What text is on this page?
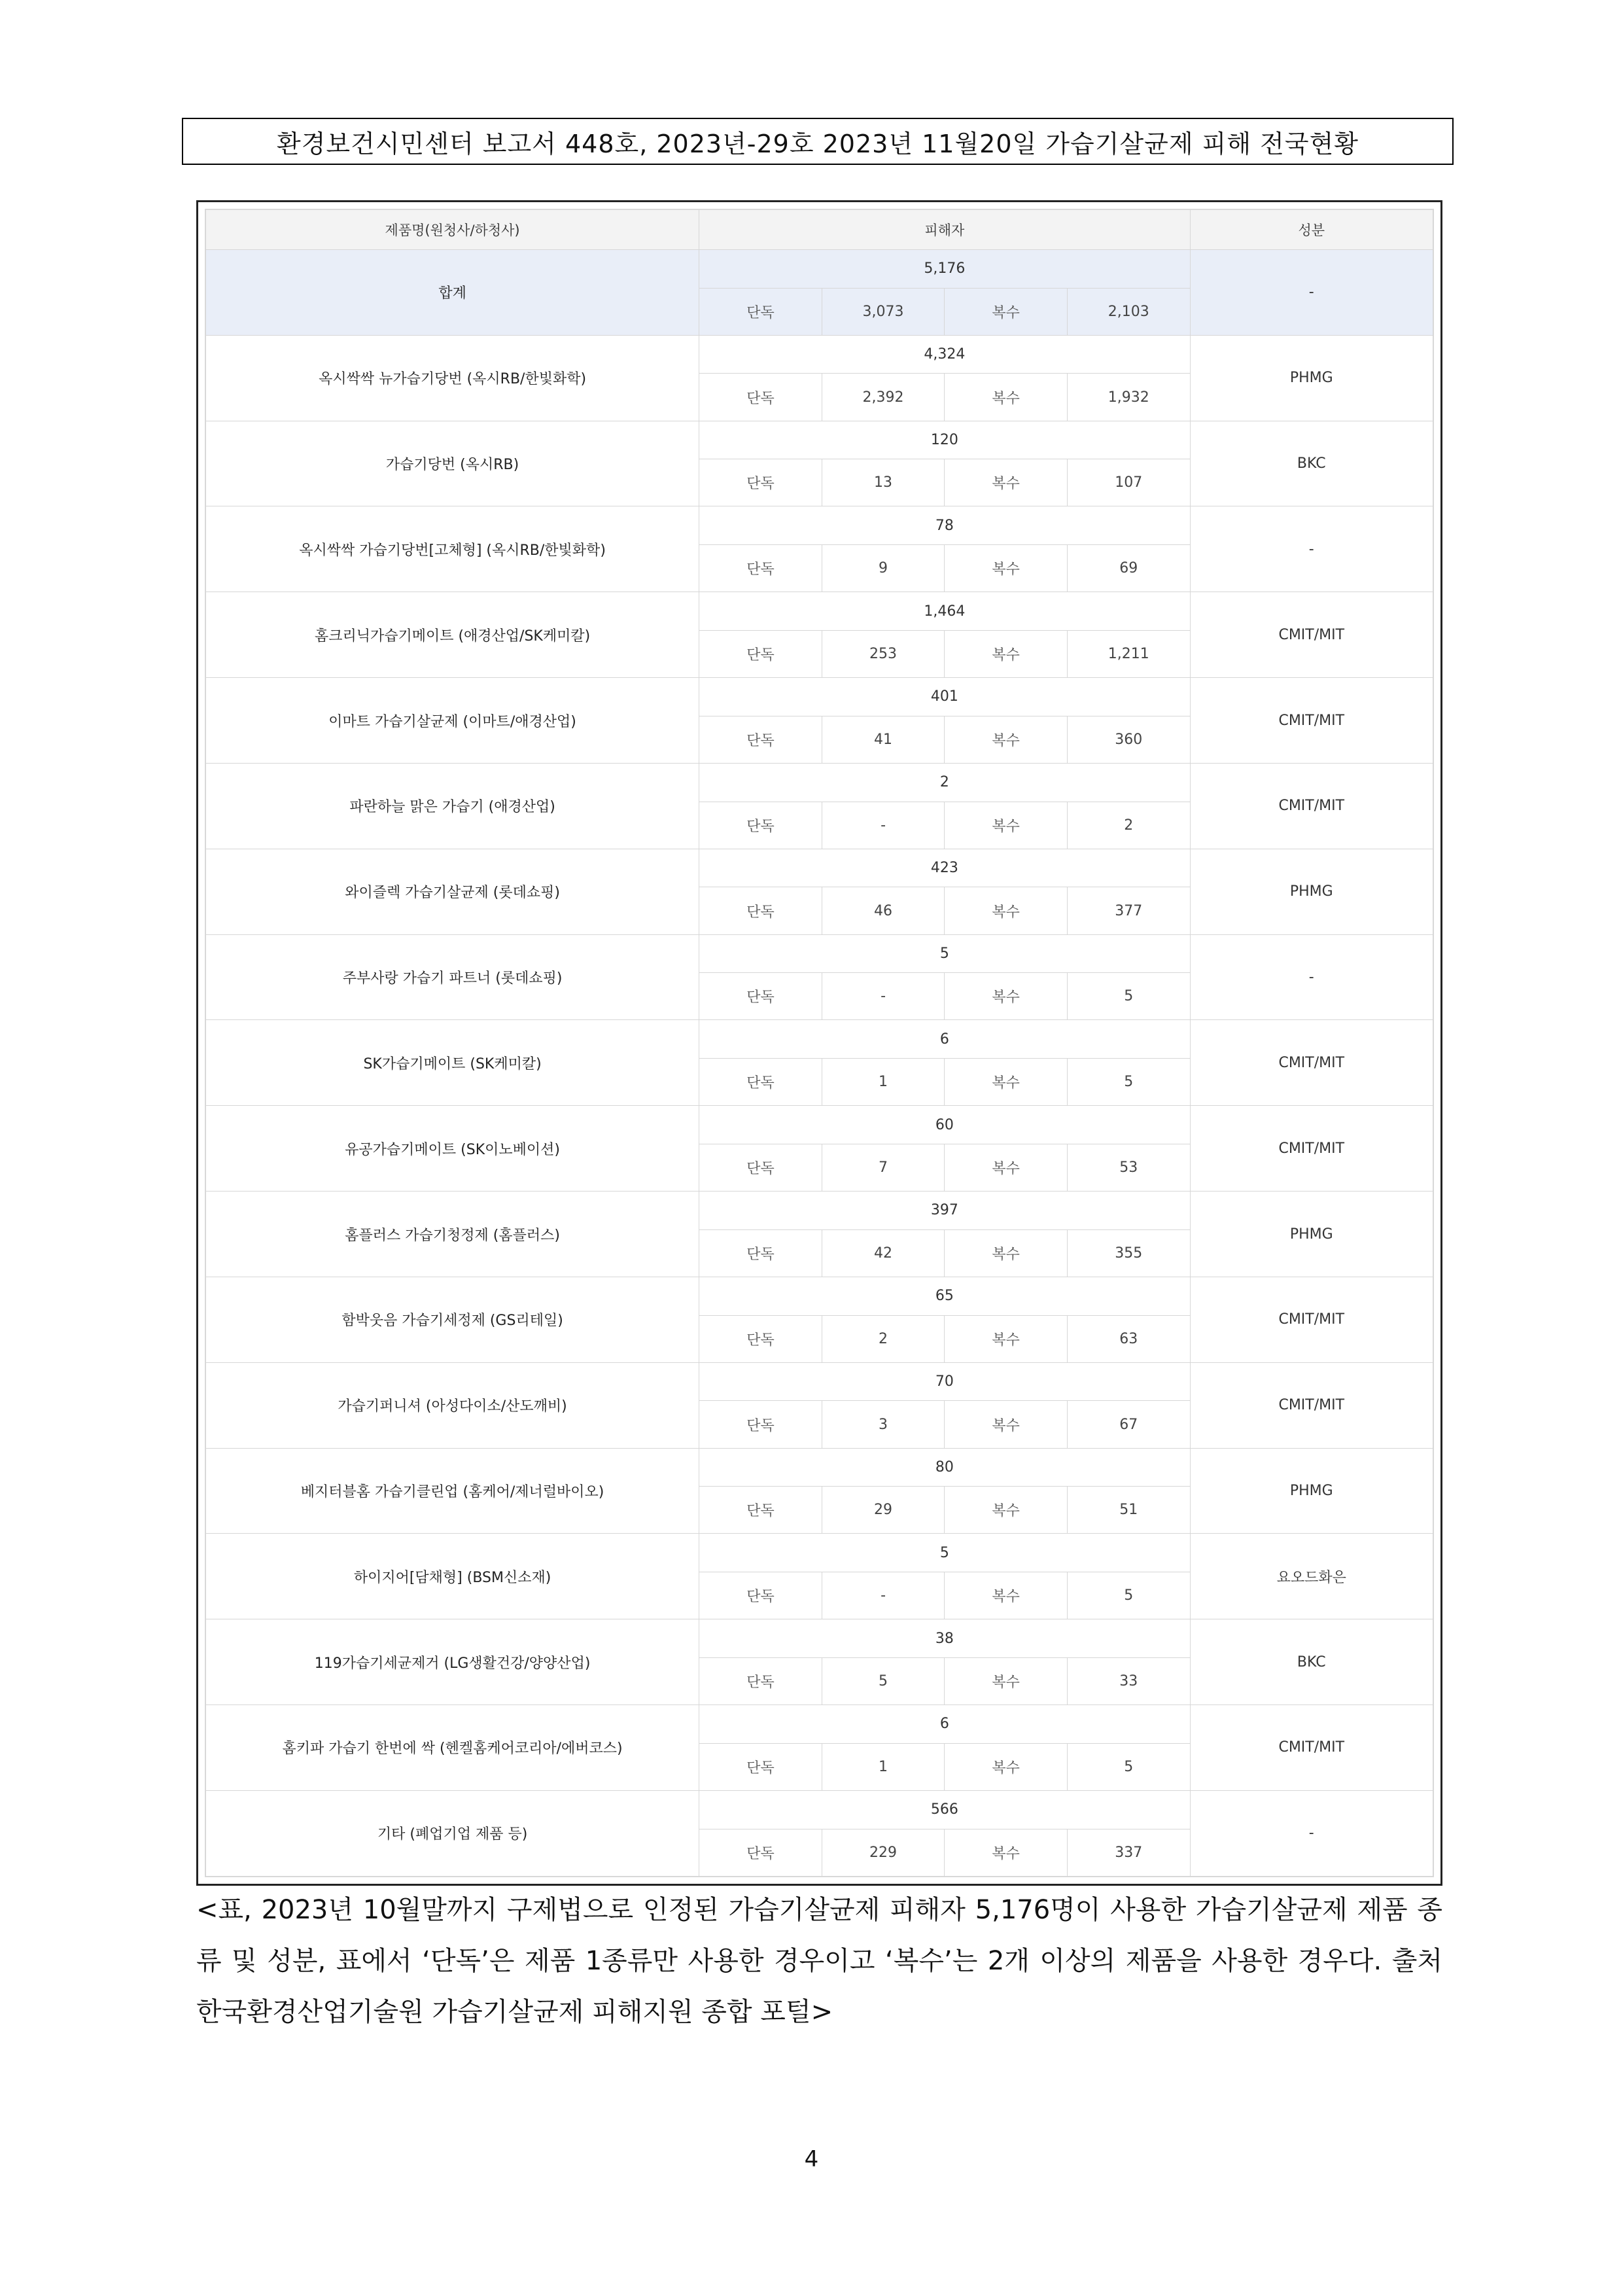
환경보건시민센터 보고서 448호, 2023년-29호 2023년 11월20일 가습기살균제 피해 전국현황
제품명(원청사/하청사)	피해자				성분
합계	5,176				-
	단독	3,073	복수	2,103	
옥시싹싹 뉴가습기당번 (옥시RB/한빛화학)	4,324				PHMG
	단독	2,392	복수	1,932	
가습기당번 (옥시RB)	120				BKC
	단독	13	복수	107	
옥시싹싹 가습기당번[고체형] (옥시RB/한빛화학)	78				-
	단독	9	복수	69	
홈크리닉가습기메이트 (애경산업/SK케미칼)	1,464				CMIT/MIT
	단독	253	복수	1,211	
이마트 가습기살균제 (이마트/애경산업)	401				CMIT/MIT
	단독	41	복수	360	
파란하늘 맑은 가습기 (애경산업)	2				CMIT/MIT
	단독	-	복수	2	
와이즐렉 가습기살균제 (롯데쇼핑)	423				PHMG
	단독	46	복수	377	
주부사랑 가습기 파트너 (롯데쇼핑)	5				-
	단독	-	복수	5	
SK가습기메이트 (SK케미칼)	6				CMIT/MIT
	단독	1	복수	5	
유공가습기메이트 (SK이노베이션)	60				CMIT/MIT
	단독	7	복수	53	
홈플러스 가습기청정제 (홈플러스)	397				PHMG
	단독	42	복수	355	
함박웃음 가습기세정제 (GS리테일)	65				CMIT/MIT
	단독	2	복수	63	
가습기퍼니셔 (아성다이소/산도깨비)	70				CMIT/MIT
	단독	3	복수	67	
베지터블홈 가습기클린업 (홈케어/제너럴바이오)	80				PHMG
	단독	29	복수	51	
하이지어[담채형] (BSM신소재)	5				요오드화은
	단독	-	복수	5	
119가습기세균제거 (LG생활건강/양양산업)	38				BKC
	단독	5	복수	33	
홈키파 가습기 한번에 싹 (헨켈홈케어코리아/에버코스)	6				CMIT/MIT
	단독	1	복수	5	
기타 (폐업기업 제품 등)	566				-
	단독	229	복수	337	
<표, 2023년 10월말까지 구제법으로 인정된 가습기살균제 피해자 5,176명이 사용한 가습기살균제 제품 종류 및 성분, 표에서 ‘단독’은 제품 1종류만 사용한 경우이고 ‘복수’는 2개 이상의 제품을 사용한 경우다. 출처 한국환경산업기술원 가습기살균제 피해지원 종합 포털>
4
